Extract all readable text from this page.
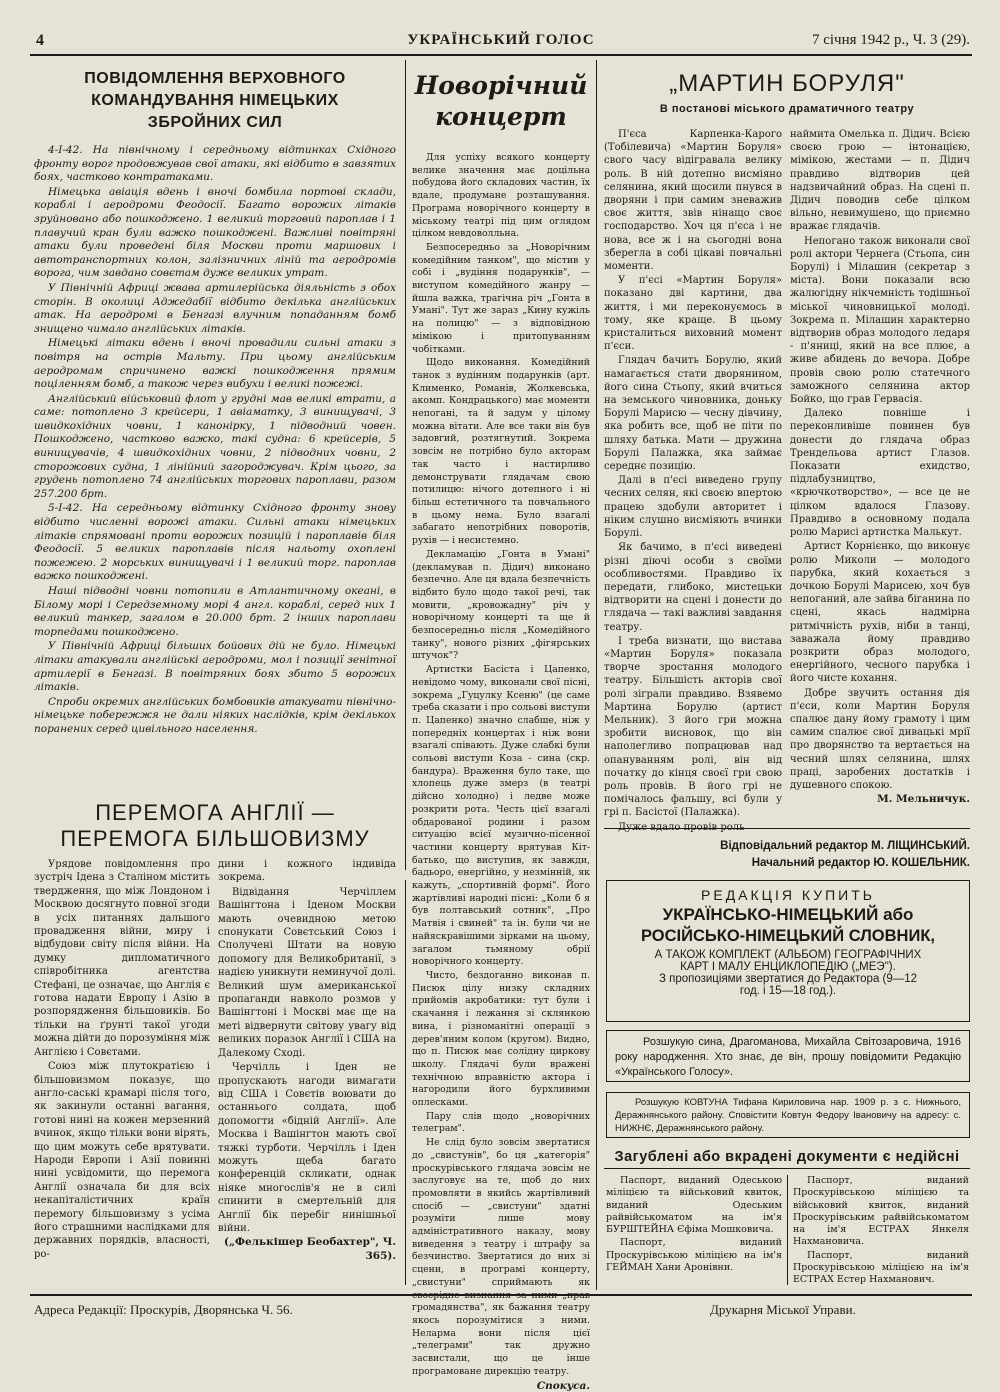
4	УКРАЇНСЬКИЙ ГОЛОС	7 січня 1942 р., Ч. 3 (29).
ПОВІДОМЛЕННЯ ВЕРХОВНОГО КОМАНДУВАННЯ НІМЕЦЬКИХ ЗБРОЙНИХ СИЛ

4-I-42. На північному і середньому відтинках Східного фронту ворог продовжував свої атаки, які відбито в завзятих боях, частково контратаками.

Німецька авіація вдень і вночі бомбила портові склади, кораблі і аеродроми Феодосії. Багато ворожих літаків зруйновано або пошкоджено. 1 великий торговий пароплав і 1 плавучий кран були важко пошкоджені. Важливі повітряні атаки були проведені біля Москви проти маршових і автотранспортних колон, залізничних ліній та аеродромів ворога, чим завдано совєтам дуже великих утрат.

У Північній Африці жвава артилерійська діяльність з обох сторін. В околиці Аджедабії відбито декілька англійських атак. На аеродромі в Бенгазі влучним попаданням бомб знищено чимало англійських літаків.

Німецькі літаки вдень і вночі провадили сильні атаки з повітря на острів Мальту. При цьому англійським аеродромам спричинено важкі пошкодження прямим поціленням бомб, а також через вибухи і великі пожежі.

Англійський військовий флот у грудні мав великі втрати, а саме: потоплено 3 крейсери, 1 авіаматку, 3 винищувачі, 3 швидкохідних човни, 1 канонірку, 1 підводний човен. Пошкоджено, частково важко, такі судна: 6 крейсерів, 5 винищувачів, 4 швидкохідних човни, 2 підводних човни, 2 сторожових судна, 1 лінійний загороджувач. Крім цього, за грудень потоплено 74 англійських торгових пароплави, разом 257.200 брт.

5-I-42. На середньому відтинку Східного фронту знову відбито численні ворожі атаки. Сильні атаки німецьких літаків спрямовані проти ворожих позицій і пароплавів біля Феодосії. 5 великих пароплавів після нальоту охоплені пожежею. 2 морських винищувачі і 1 великий торг. пароплав важко пошкоджені.

Наші підводні човни потопили в Атлантичному океані, в Білому морі і Середземному морі 4 англ. кораблі, серед них 1 великий танкер, загалом в 20.000 брт. 2 інших пароплави торпедами пошкоджено.

У Північній Африці більших бойових дій не було. Німецькі літаки атакували англійські аеродроми, мол і позиції зенітної артилерії в Бенгазі. В повітряних боях збито 5 ворожих літаків.

Спроби окремих англійських бомбовиків атакувати північно-німецьке побережжя не дали ніяких наслідків, крім декількох поранених серед цивільного населення.

ПЕРЕМОГА АНГЛІЇ —
ПЕРЕМОГА БІЛЬШОВИЗМУ

Урядове повідомлення про зустріч Ідена з Сталіном містить твердження, що між Лондоном і Москвою досягнуто повної згоди в усіх питаннях дальшого провадження війни, миру і відбудови світу після війни. На думку дипломатичного співробітника агентства Стефані, це означає, що Англія є готова надати Европу і Азію в розпорядження більшовиків. Бо тільки на ґрунті такої угоди можна дійти до порозуміння між Англією і Совєтами.

Союз між плутократією і більшовизмом показує, що англо-саські крамарі після того, як закинули останні вагання, готові нині на кожен мерзенний вчинок, якщо тільки вони вірять, що цим можуть себе врятувати. Народи Европи і Азії повинні нині усвідомити, що перемога Англії означала би для всіх некапіталістичних країн перемогу більшовизму з усіма його страшними наслідками для державних порядків, власності, ро-

дини і кожного індивіда зокрема.

Відвідання Черчіллем Вашінгтона і Ідeном Москви мають очевидною метою спонукати Совєтський Союз і Сполучені Штати на новую допомогу для Великобританії, з надією уникнути неминучої долі. Великий шум американської пропаганди навколо розмов у Вашінгтоні і Москві має ще на меті відвернути світову увагу від великих поразок Англії і США на Далекому Сході.

Черчілль і Іден не пропускають нагоди вимагати від США і Совєтів воювати до останнього солдата, щоб допомогти «бідній Англії». Але Москва і Вашінгтон мають свої тяжкі турботи. Черчілль і Іден можуть щеба багато конференцій скликати, однак ніяке многослів'я не в силі спинити в смертельній для Англії бік перебіг нинішньої війни.

(„Фелькішер Беобахтер", Ч. 365).
Новорічний
концерт

Для успіху всякого концерту велике значення має доцільна побудова його складових частин, їх вдале, продумане розташування. Програма новорічного концерту в міському театрі під цим оглядом цілком невдоволльна.

Безпосередньо за „Новорічним комедійним танком", що містив у собі і „вудіння подарунків", — виступом комедійного жанру — йшла важка, трагічна річ „Гонта в Умані". Тут же зараз „Кину кужіль на полицю" — з відповідною мімікою і притопуванням чобітками.

Щодо виконання. Комедійний танок з вудінням подарунків (арт. Клименко, Романів, Жолкевська, акомп. Кондрацького) має моменти непогані, та й задум у цілому можна вітати. Але все таки він був задовгий, розтягнутий. Зокрема зовсім не потрібно було акторам так часто і настирливо демонструвати глядачам свою потилицю: нічого дотепного і ні більш естетичного та повчального в цьому нема. Було взагалі забагато непотрібних поворотів, рухів — і несистемно.

Декламацію „Гонта в Умані" (декламував п. Дідич) виконано безпечно. Але ця вдала безпечність відбито було щодо такої речі, так мовити, „кровожадну" річ у новорічному концерті та ще й безпосередньо після „Комедійного танку", нового різних „фігярських штучок"?

Артистки Басіста і Цапенко, невідомо чому, виконали свої пісні, зокрема „Гуцулку Ксеню" (це саме треба сказати і про сольові виступи п. Цапенко) значно слабше, ніж у попередніх концертах і ніж вони взагалі співають. Дуже слабкі були сольові виступи Коза - сина (скр. бандура). Враження було таке, що хлопець дуже змерз (в театрі дійсно холодно) і ледве може розкрити рота. Честь цієї взагалі обдарованої родини і разом ситуацію всієї музично-пісенної частини концерту врятував Кіт-батько, що виступив, як завжди, бадьоро, енергійно, у незмінній, як кажуть, „спортивній формі". Його жартівливі народні пісні: „Коли б я був полтавський сотник", „Про Матвія і свиней" та ін. були чи не найяскравішими зірками на цьому, загалом тьмяному обрії новорічного концерту.

Чисто, бездоганно виконав п. Писюк цілу низку складних прийомів акробатики: тут були і скачання і лежання зі склянкою вина, і різноманітні операції з дерев'яним колом (кругом). Видно, що п. Писюк має солідну циркову школу. Глядачі були вражені технічною вправністю актора і нагородили його бурхливими оплесками.

Пару слів щодо „новорічних телеграм".

Не слід було зовсім звертатися до „свистунів", бо ця „категорія" проскурівського глядача зовсім не заслуговує на те, щоб до них промовляти в якийсь жартівливий спосіб — „свистуни" здатні розуміти лише мову адміністративного наказу, мову виведення з театру і штрафу за безчинство. Звертатися до них зі сцени, в програмі концерту, „свистуни" сприймають як громадянства", як бажання театру якось порозумітися з ними. Неларма вони після цієї „телеграми" так дружно засвистали, що це інше програмоване дирекцію театру.

Спокуса.
„МАРТИН БОРУЛЯ"
В постанові міського драматичного театру

П'єса Карпенка-Карого (Тобілевича) «Мартин Боруля» свого часу відігравала велику роль. В ній дотепно висміяно селянина, який щосили пнувся в дворяни і при самим зневажив своє життя, звів нінащо своє господарство. Хоч ця п'єса і не нова, все ж і на сьогодні вона зберегла в собі цікаві повчальні моменти.

У п'єсі «Мартин Боруля» показано дві картини, два життя, і ми переконуємось в тому, яке краще. В цьому кристалиться виховний момент п'єси.

Глядач бачить Борулю, який намагається стати дворянином, його сина Стьопу, який вчиться на земського чиновника, доньку Борулі Марисю — чесну дівчину, яка робить все, щоб не піти по шляху батька. Мати — дружина Борулі Палажка, яка займає середнє позицію.

Далі в п'єсі виведено групу чесних селян, які своєю впертою працею здобули авторитет і ніким слушно висміяють вчинки Борулі.

Як бачимо, в п'єсі виведені різні діючі особи з своїми особливостями. Правдиво їх передати, глибоко, мистецьки відтворити на сцені і донести до глядача — такі важливі завдання театру.

І треба визнати, що вистава «Мартин Боруля» показала творче зростання молодого театру. Більшість акторів свої ролі зіграли правдиво. Взявемо Мартина Борулю (артист Мельник). З його гри можна зробити висновок, що він наполегливо попрацював над опануванням ролі, він від початку до кінця своєї гри свою роль провів. В його грі не помічалось фальшу, всі були у грі п. Басістої (Палажка).

наймита Омелька п. Дідич. Всією своєю грою — інтонацією, мімікою, жестами — п. Дідич правдиво відтворив цей надзвичайний образ. На сцені п. Дідич поводив себе цілком вільно, невимушено, що приємно вражає глядачів.

Непогано також виконали свої ролі актори Чернега (Стьопа, син Борулі) і Мілашин (секретар з міста). Вони показали всю жалюгідну нікчемність тодішньої міської чиновницької молоді. Зокрема п. Мілашин характерно відтворив образ молодого ледаря - п'яниці, який на все плює, а живе абидень до вечора. Добре провів свою ролю статечного заможного селянина актор Бойко, що грав Гервасія.

Далеко повніше і переконливіше повинен був донести до глядача образ Трендельова артист Глазов. Показати ехидство, підлабузництво, «крючкотворство», — все це не цілком вдалося Глазову. Правдиво в основному подала ролю Марисі артистка Малькут.

Артист Корнієнко, що виконує ролю Миколи — молодого парубка, який кохається з дочкою Борулі Марисею, хоч був непоганий, але зайва біганина по сцені, якась надмірна ритмічність рухів, ніби в танці, заважала йому правдиво розкрити образ молодого, енергійного, чесного парубка і його чисте кохання.

Добре звучить остання дія п'єси, коли Мартин Боруля спалює дану йому грамоту і цим самим спалює свої дивацькі мрії про дворянство та вертається на чесний шлях селянина, шлях праці, заробених достатків і душевного спокою.

М. Мельничук.
Відповідальний редактор М. ЛІЩИНСЬКИЙ.
Начальний редактор Ю. КОШЕЛЬНИК.
РЕДАКЦІЯ КУПИТЬ
УКРАЇНСЬКО-НІМЕЦЬКИЙ або
РОСІЙСЬКО-НІМЕЦЬКИЙ СЛОВНИК,
А ТАКОЖ КОМПЛЕКТ (АЛЬБОМ) ГЕОГРАФІЧНИХ
КАРТ І МАЛУ ЕНЦИКЛОПЕДІЮ („МЕЭ").
З пропозиціями звертатися до Редактора (9—12
год. і 15—18 год.).
Розшукую сина, Драгоманова, Михайла Світозаровича, 1916 року народження. Хто знає, де він, прошу повідомити Редакцію «Українського Голосу».
Розшукую КОВТУНА Тифана Кириловича нар. 1909 р. з с. Нижнього, Деражнянського району. Сповістити Ковтун Федору Івановичу на адресу: с. НИЖНЄ, Деражнянського району.
Загублені або вкрадені документи є недійсні

Паспорт, виданий Одеською міліцією та військовий квиток, виданий Одеським райвійськоматом на ім'я БУРШТЕЙНА Єфіма Мошковича.

Паспорт, виданий Проскурівською міліцією на ім'я ГЕЙМАН Хани Аронівни.

Паспорт, виданий Проскурівською міліцією та військовий квиток, виданий Проскурівським райвійськоматом на ім'я ЕСТРАХ Янкеля Нахмановича.

Паспорт, виданий Проскурівською міліцією на ім'я ЕСТРАХ Естер Нахманович.

Адреса Редакції: Проскурів, Дворянська Ч. 56.	Друкарня Міської Управи.
